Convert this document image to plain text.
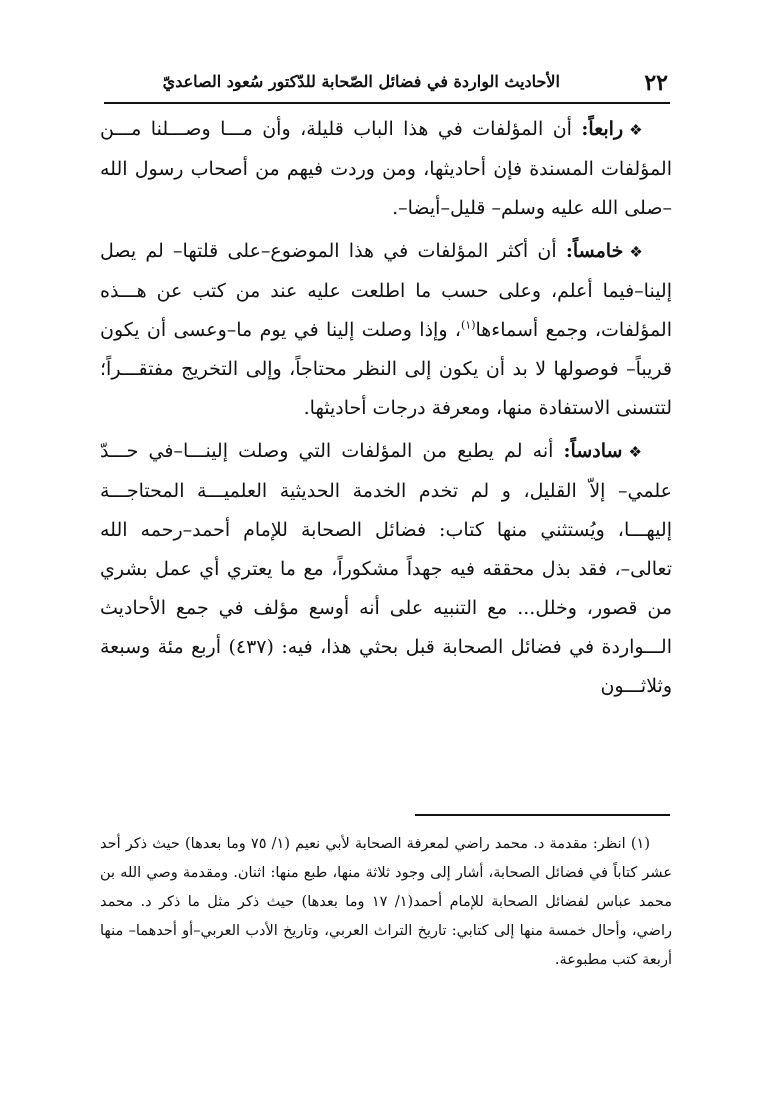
٢٢
الأحاديث الواردة في فضائل الصّحابة للدّكتور سُعود الصاعديّ

❖رابعاً: أن المؤلفات في هذا الباب قليلة، وأن مـــا وصـــلنا مـــن المؤلفات المسندة فإن أحاديثها، ومن وردت فيهم من أصحاب رسول الله –صلى الله عليه وسلم– قليل–أيضا–.

❖خامساً: أن أكثر المؤلفات في هذا الموضوع–على قلتها– لم يصل إلينا–فيما أعلم، وعلى حسب ما اطلعت عليه عند من كتب عن هـــذه المؤلفات، وجمع أسماءها$^{(١)}$، وإذا وصلت إلينا في يوم ما–وعسى أن يكون قريباً– فوصولها لا بد أن يكون إلى النظر محتاجاً، وإلى التخريج مفتقـــراً؛ لتتسنى الاستفادة منها، ومعرفة درجات أحاديثها.

❖سادساً: أنه لم يطبع من المؤلفات التي وصلت إلينـــا–في حـــدّ علمي– إلاّ القليل، و لم تخدم الخدمة الحديثية العلميـــة المحتاجـــة إليهـــا، ويُستثني منها كتاب: فضائل الصحابة للإمام أحمد–رحمه الله تعالى–، فقد بذل محققه فيه جهداً مشكوراً، مع ما يعتري أي عمل بشري من قصور، وخلل... مع التنبيه على أنه أوسع مؤلف في جمع الأحاديث الـــواردة في فضائل الصحابة قبل بحثي هذا، فيه: (٤٣٧) أربع مئة وسبعة وثلاثـــون

(١) انظر: مقدمة د. محمد راضي لمعرفة الصحابة لأبي نعيم (١/ ٧٥ وما بعدها) حيث ذكر أحد عشر كتاباً في فضائل الصحابة، أشار إلى وجود ثلاثة منها، طبع منها: اثنان. ومقدمة وصي الله بن محمد عباس لفضائل الصحابة للإمام أحمد(١/ ١٧ وما بعدها) حيث ذكر مثل ما ذكر د. محمد راضي، وأحال خمسة منها إلى كتابي: تاريخ التراث العربي، وتاريخ الأدب العربي–أو أحدهما– منها أربعة كتب مطبوعة.
